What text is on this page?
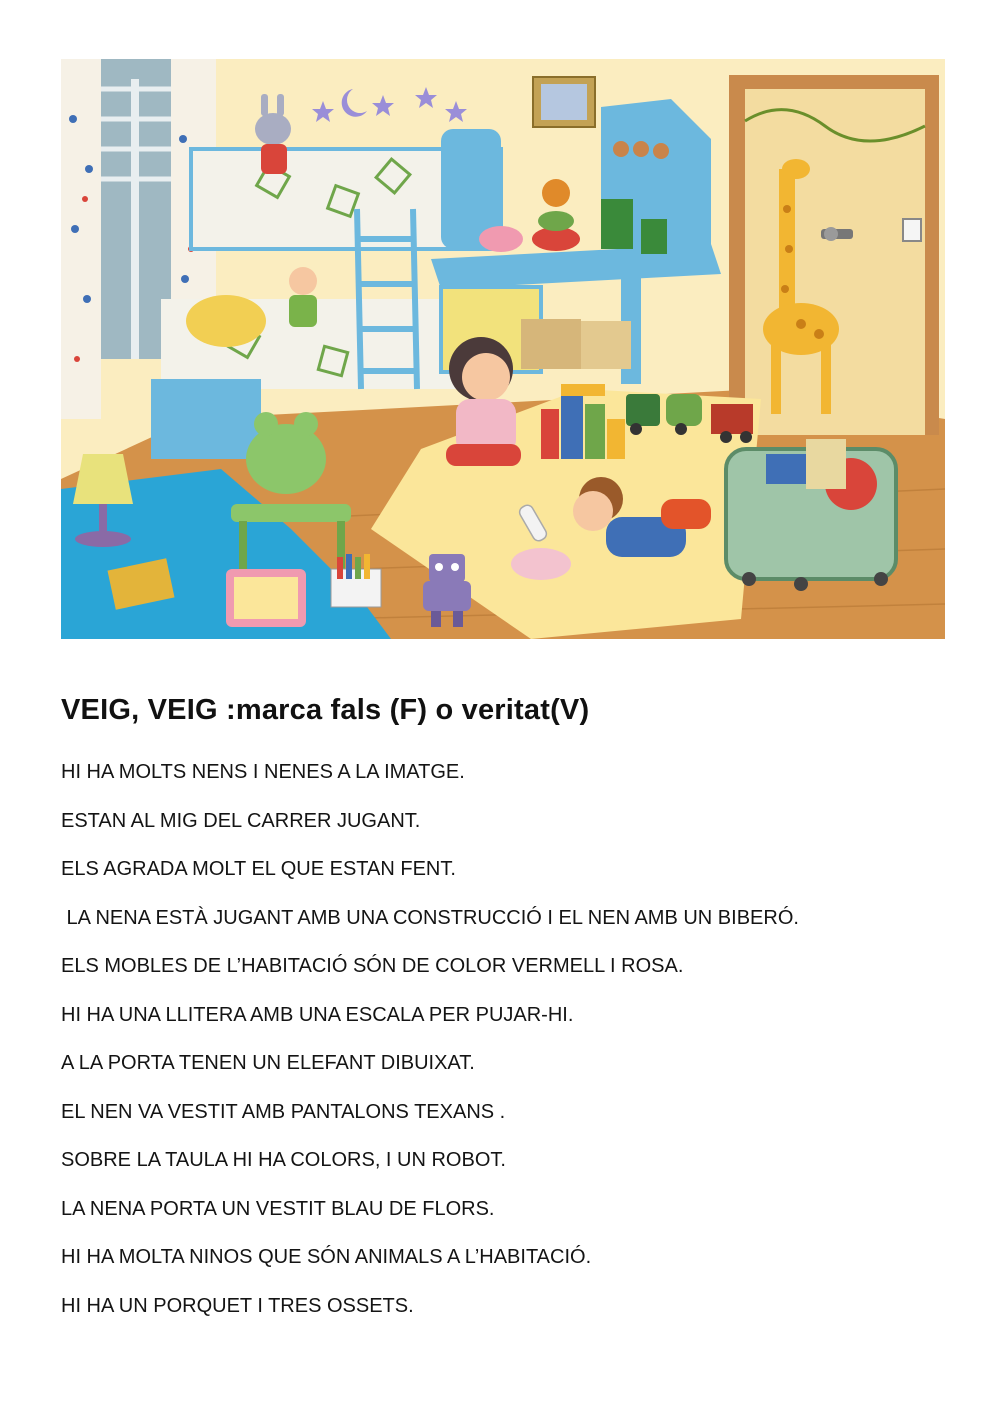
VEIG, VEIG :marca fals (F) o veritat(V)
HI HA MOLTS NENS I NENES A LA IMATGE.
ESTAN AL MIG DEL CARRER JUGANT.
ELS AGRADA MOLT EL QUE ESTAN FENT.
LA NENA ESTÀ JUGANT AMB UNA CONSTRUCCIÓ I EL NEN AMB UN BIBERÓ.
ELS MOBLES DE L’HABITACIÓ SÓN DE COLOR VERMELL I ROSA.
HI HA UNA LLITERA AMB UNA ESCALA PER PUJAR-HI.
A LA PORTA TENEN UN ELEFANT DIBUIXAT.
EL NEN VA VESTIT AMB PANTALONS TEXANS .
SOBRE LA TAULA HI HA COLORS, I UN ROBOT.
LA NENA PORTA UN VESTIT BLAU DE FLORS.
HI HA MOLTA NINOS QUE SÓN ANIMALS A L’HABITACIÓ.
HI HA UN PORQUET I TRES OSSETS.
